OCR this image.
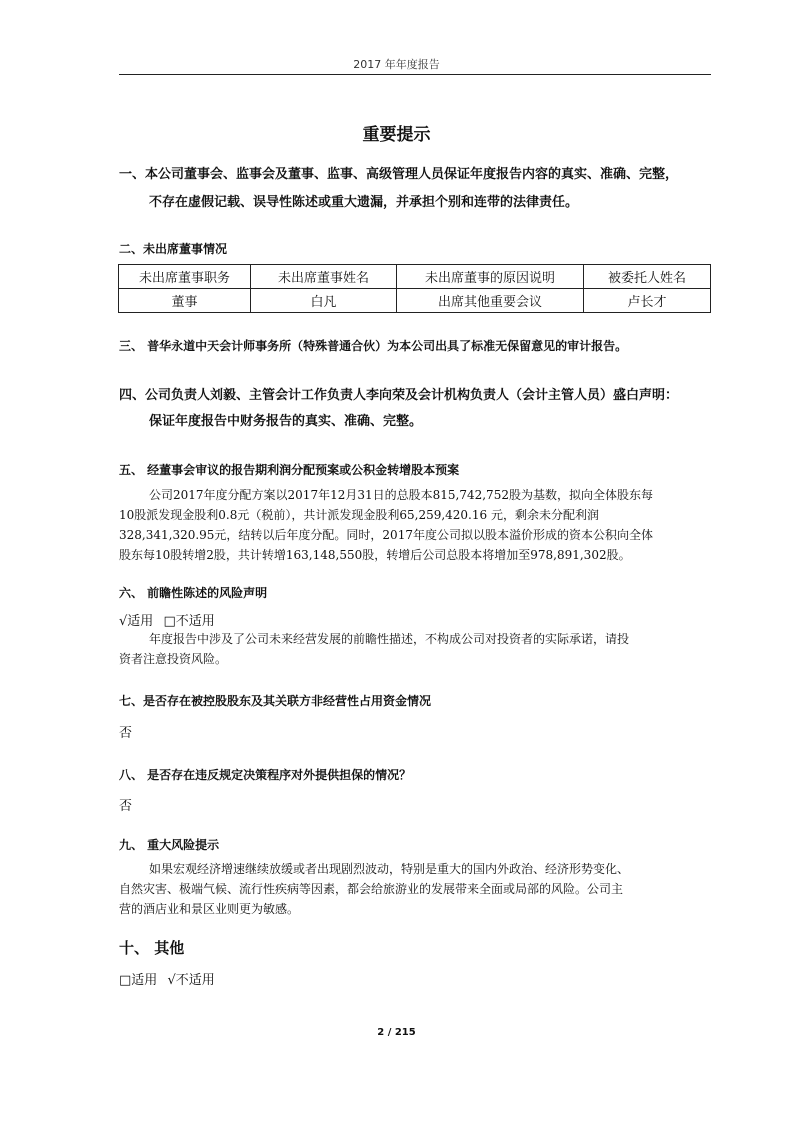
2017 年年度报告
重要提示
一、本公司董事会、监事会及董事、监事、高级管理人员保证年度报告内容的真实、准确、完整，
不存在虚假记载、误导性陈述或重大遗漏，并承担个别和连带的法律责任。
二、未出席董事情况
未出席董事职务	未出席董事姓名	未出席董事的原因说明	被委托人姓名
董事	白凡	出席其他重要会议	卢长才
三、 普华永道中天会计师事务所（特殊普通合伙）为本公司出具了标准无保留意见的审计报告。
四、公司负责人刘毅、主管会计工作负责人李向荣及会计机构负责人（会计主管人员）盛白声明：
保证年度报告中财务报告的真实、准确、完整。
五、 经董事会审议的报告期利润分配预案或公积金转增股本预案
公司2017年度分配方案以2017年12月31日的总股本815,742,752股为基数，拟向全体股东每
10股派发现金股利0.8元（税前），共计派发现金股利65,259,420.16 元，剩余未分配利润
328,341,320.95元，结转以后年度分配。同时，2017年度公司拟以股本溢价形成的资本公积向全体
股东每10股转增2股，共计转增163,148,550股，转增后公司总股本将增加至978,891,302股。
六、 前瞻性陈述的风险声明
√适用 □不适用
年度报告中涉及了公司未来经营发展的前瞻性描述，不构成公司对投资者的实际承诺，请投
资者注意投资风险。
七、是否存在被控股股东及其关联方非经营性占用资金情况
否
八、 是否存在违反规定决策程序对外提供担保的情况？
否
九、 重大风险提示
如果宏观经济增速继续放缓或者出现剧烈波动，特别是重大的国内外政治、经济形势变化、
自然灾害、极端气候、流行性疾病等因素，都会给旅游业的发展带来全面或局部的风险。公司主
营的酒店业和景区业则更为敏感。
十、 其他
□适用 √不适用
2 / 215
